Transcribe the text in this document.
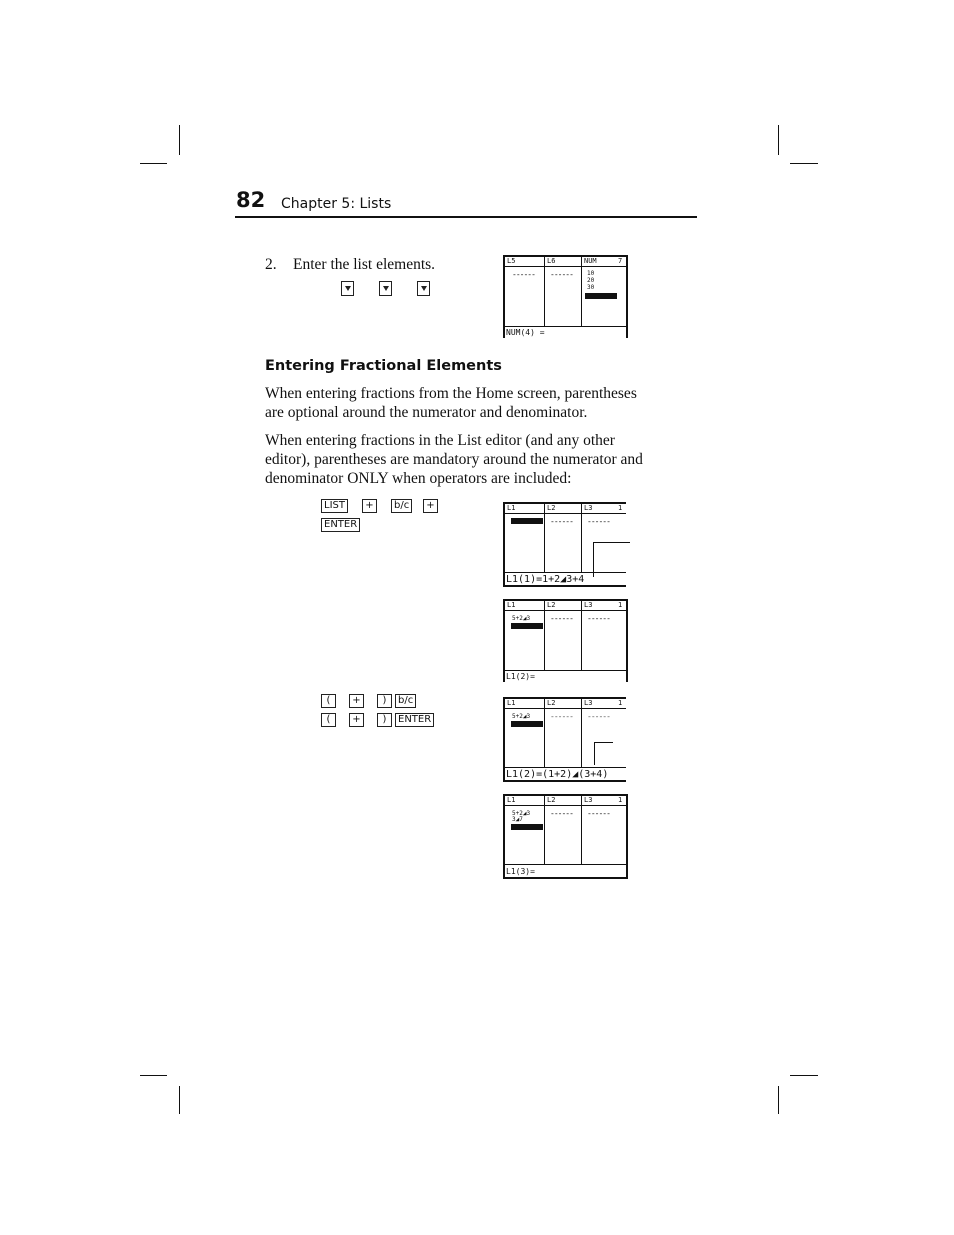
82 Chapter 5: Lists
2. Enter the list elements.	L5	L6	NUM	7
------ ------ 10
20
30
NUM(4) =
Entering Fractional Elements
When entering fractions from the Home screen, parentheses
are optional around the numerator and denominator.
When entering fractions in the List editor (and any other
editor), parentheses are mandatory around the numerator and
denominator ONLY when operators are included:
LIST	+	b/c	+
ENTER
L1	L2	L3	1
------ ------
L1(1)=1+2◢3+4
L1	L2	L3	1
5+2◢3 ------ ------
L1(2)=
(	+	)	b/c
(	+	)	ENTER
L1	L2	L3	1
5+2◢3 ------ ------
L1(2)=(1+2)◢(3+4)
L1	L2	L3	1
5+2◢3
3◢7
------ ------
L1(3)=
